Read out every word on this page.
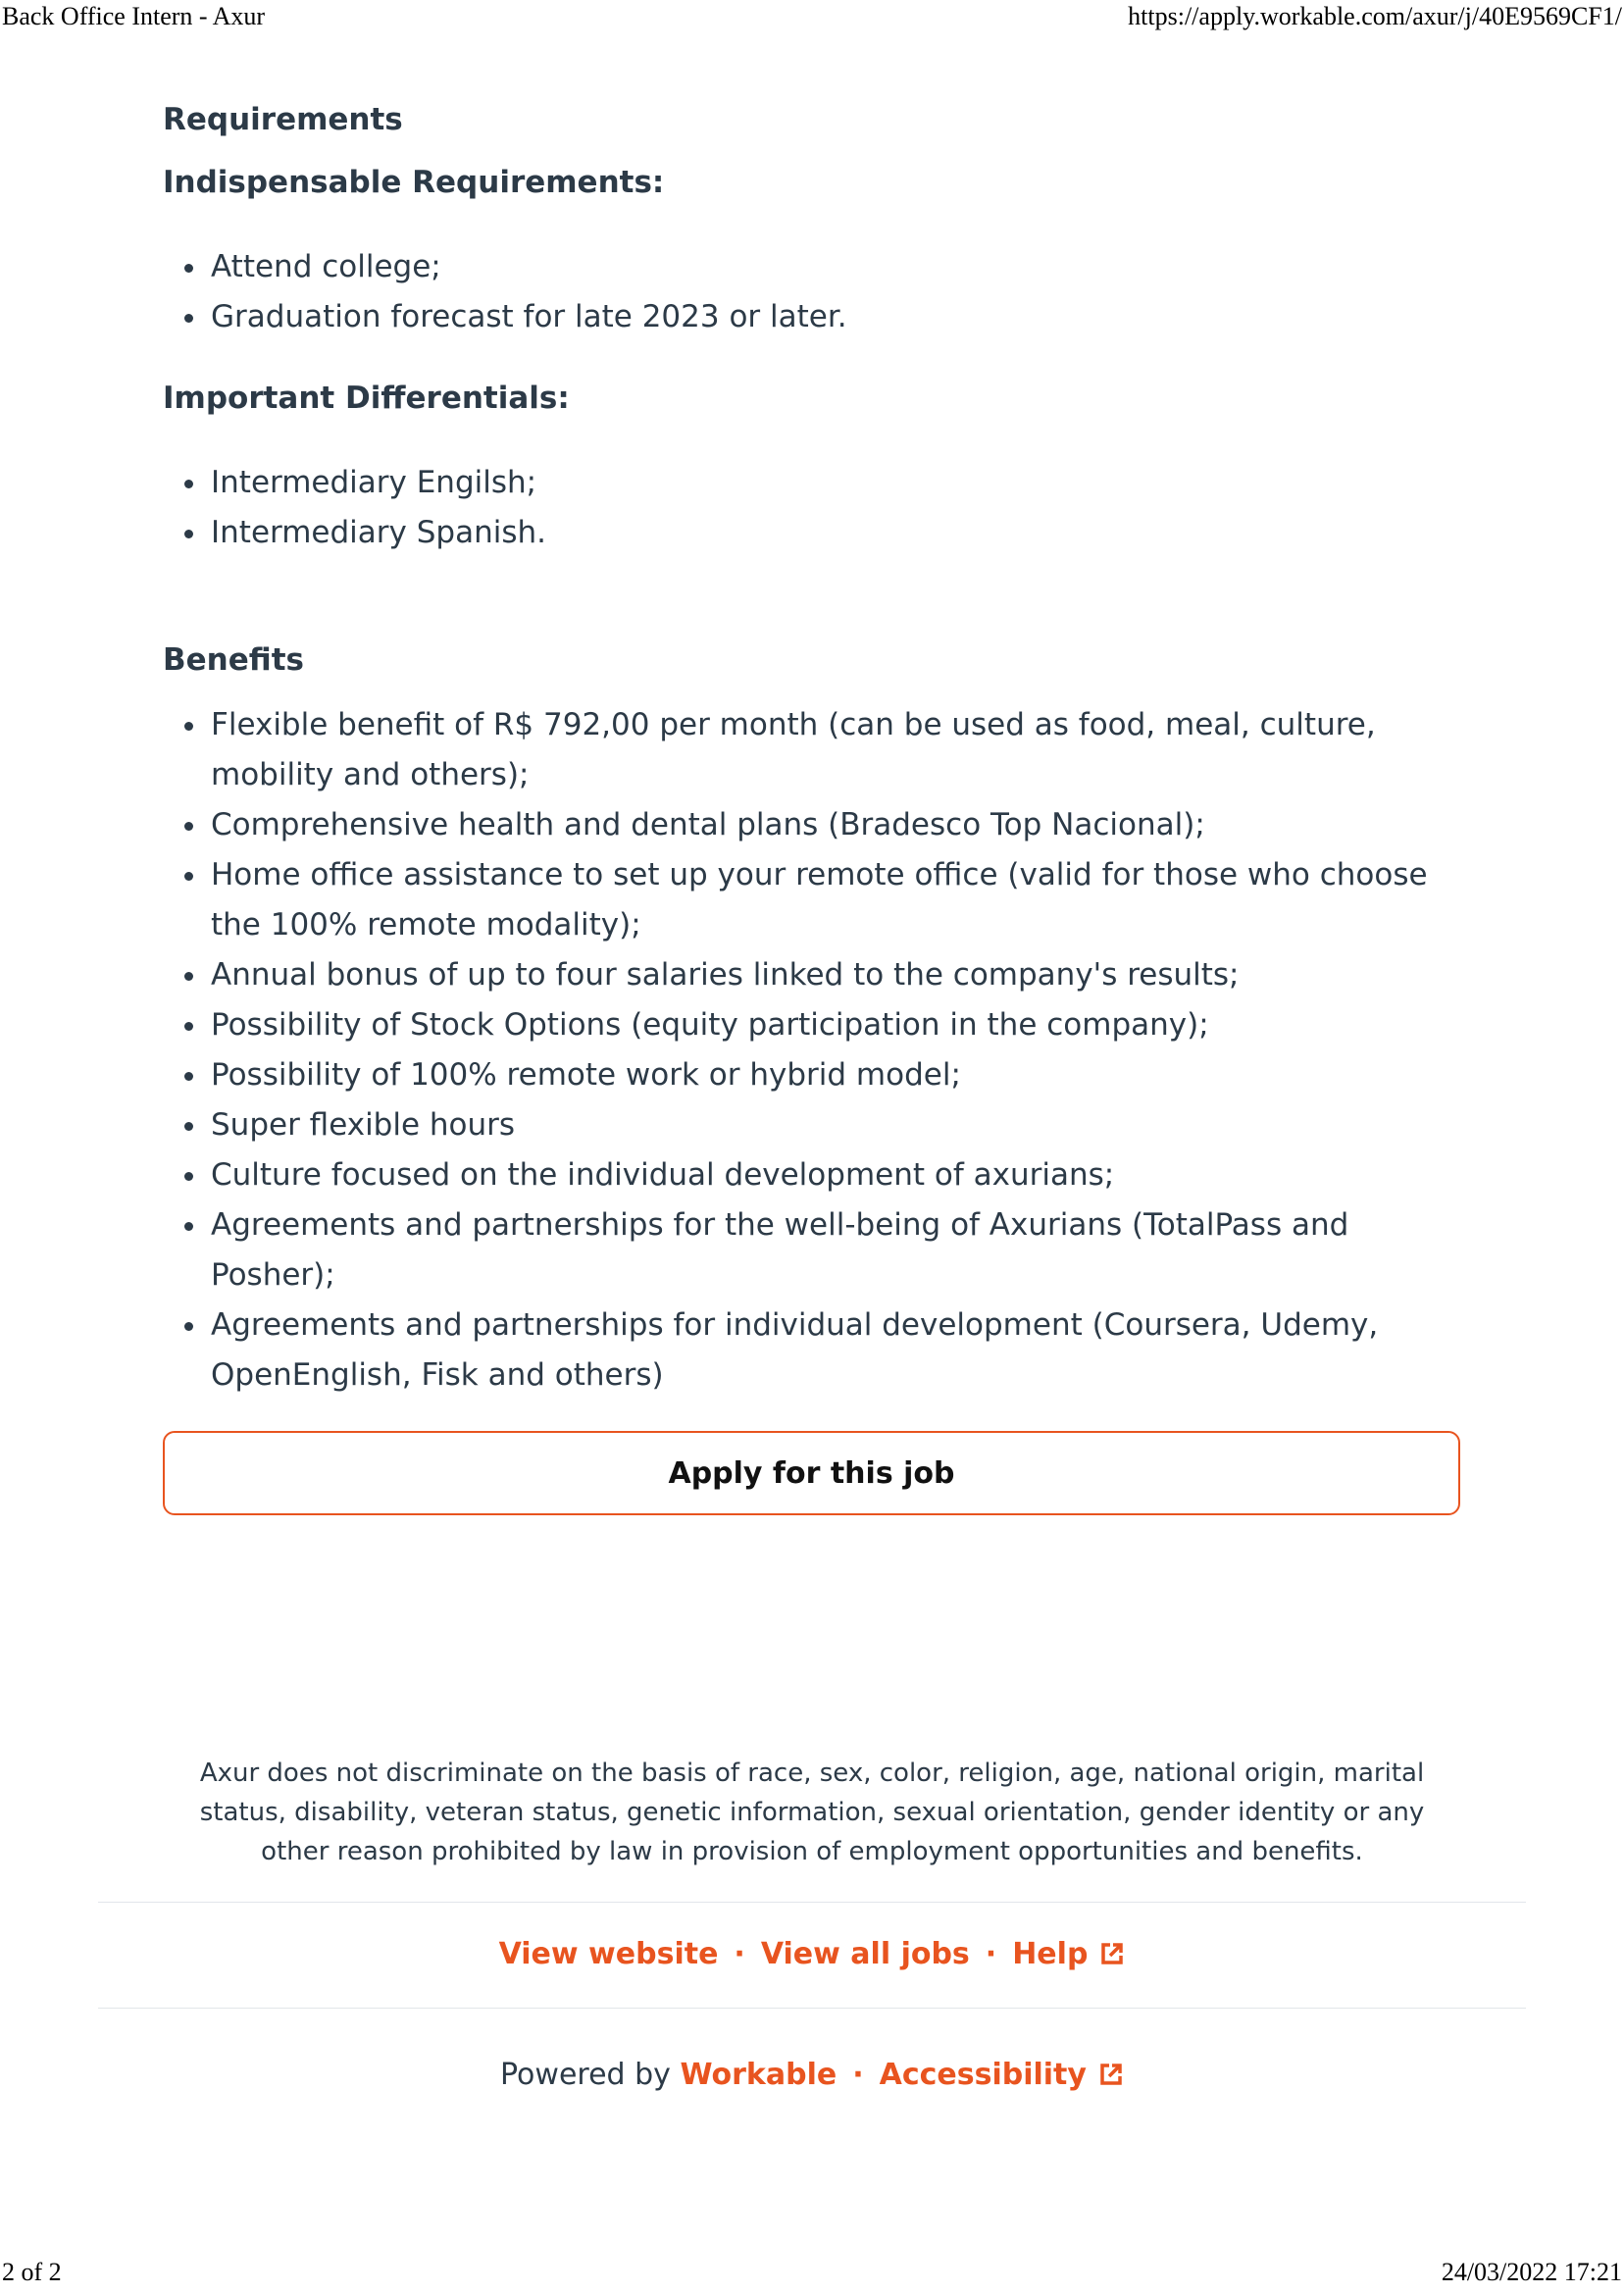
Back Office Intern - Axur	https://apply.workable.com/axur/j/40E9569CF1/
Requirements
Indispensable Requirements:
Attend college;
Graduation forecast for late 2023 or later.
Important Differentials:
Intermediary Engilsh;
Intermediary Spanish.
Benefits
Flexible benefit of R$ 792,00 per month (can be used as food, meal, culture, mobility and others);
Comprehensive health and dental plans (Bradesco Top Nacional);
Home office assistance to set up your remote office (valid for those who choose the 100% remote modality);
Annual bonus of up to four salaries linked to the company's results;
Possibility of Stock Options (equity participation in the company);
Possibility of 100% remote work or hybrid model;
Super flexible hours
Culture focused on the individual development of axurians;
Agreements and partnerships for the well-being of Axurians (TotalPass and Posher);
Agreements and partnerships for individual development (Coursera, Udemy, OpenEnglish, Fisk and others)
Apply for this job
Axur does not discriminate on the basis of race, sex, color, religion, age, national origin, marital status, disability, veteran status, genetic information, sexual orientation, gender identity or any other reason prohibited by law in provision of employment opportunities and benefits.
View website · View all jobs · Help
Powered by Workable · Accessibility
2 of 2	24/03/2022 17:21
